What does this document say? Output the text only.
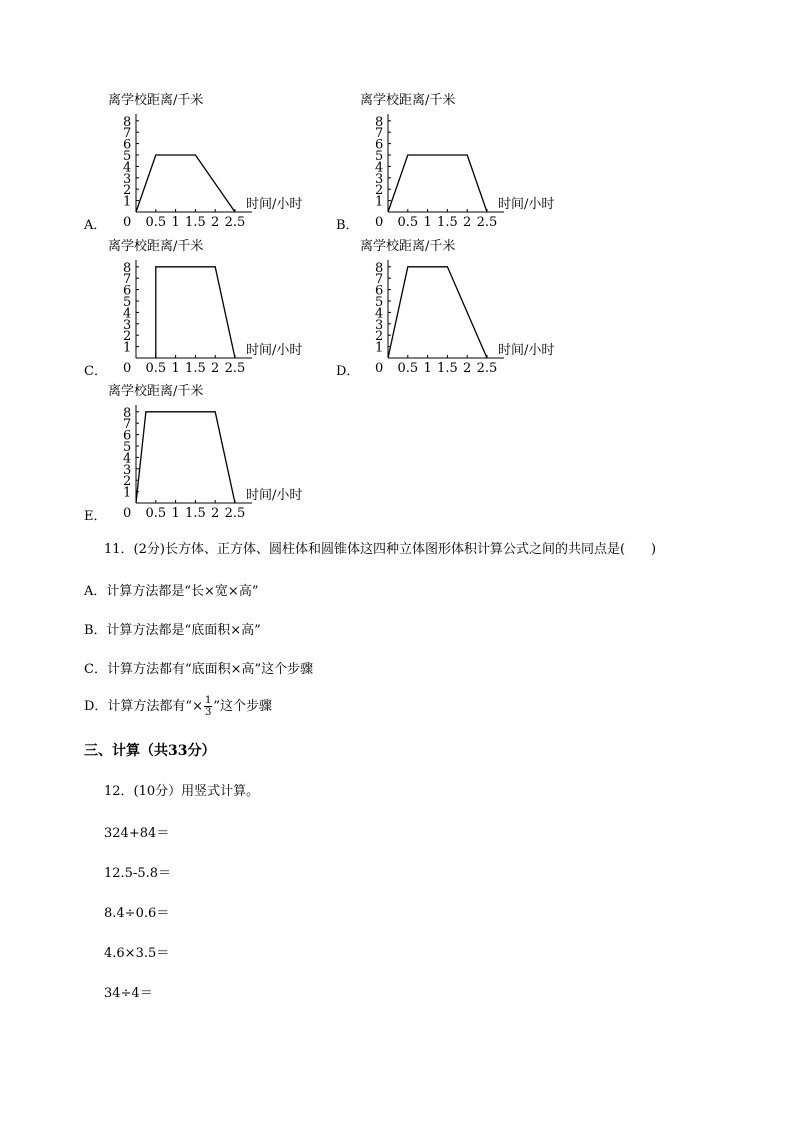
A．
离学校距离/千米
时间/小时
8
7
6
5
4
3
2
1
0 0.5 1 1.5 2 2.5	B．
离学校距离/千米
时间/小时
8
7
6
5
4
3
2
1
0 0.5 1 1.5 2 2.5
C．
离学校距离/千米
时间/小时
8
7
6
5
4
3
2
1
0 0.5 1 1.5 2 2.5	D．
离学校距离/千米
时间/小时
8
7
6
5
4
3
2
1
0 0.5 1 1.5 2 2.5
E．
离学校距离/千米
时间/小时
8
7
6
5
4
3
2
1
0 0.5 1 1.5 2 2.5
11．(2分)长方体、正方体、圆柱体和圆锥体这四种立体图形体积计算公式之间的共同点是(　　)
A．计算方法都是“长×宽×高”
B．计算方法都是“底面积×高”
C．计算方法都有“底面积×高”这个步骤
D．计算方法都有“× $\frac{1}{3}$ ”这个步骤
三、计算（共33分）
12．(10分）用竖式计算。
324+84＝
12.5-5.8＝
8.4÷0.6＝
4.6×3.5＝
34÷4＝
